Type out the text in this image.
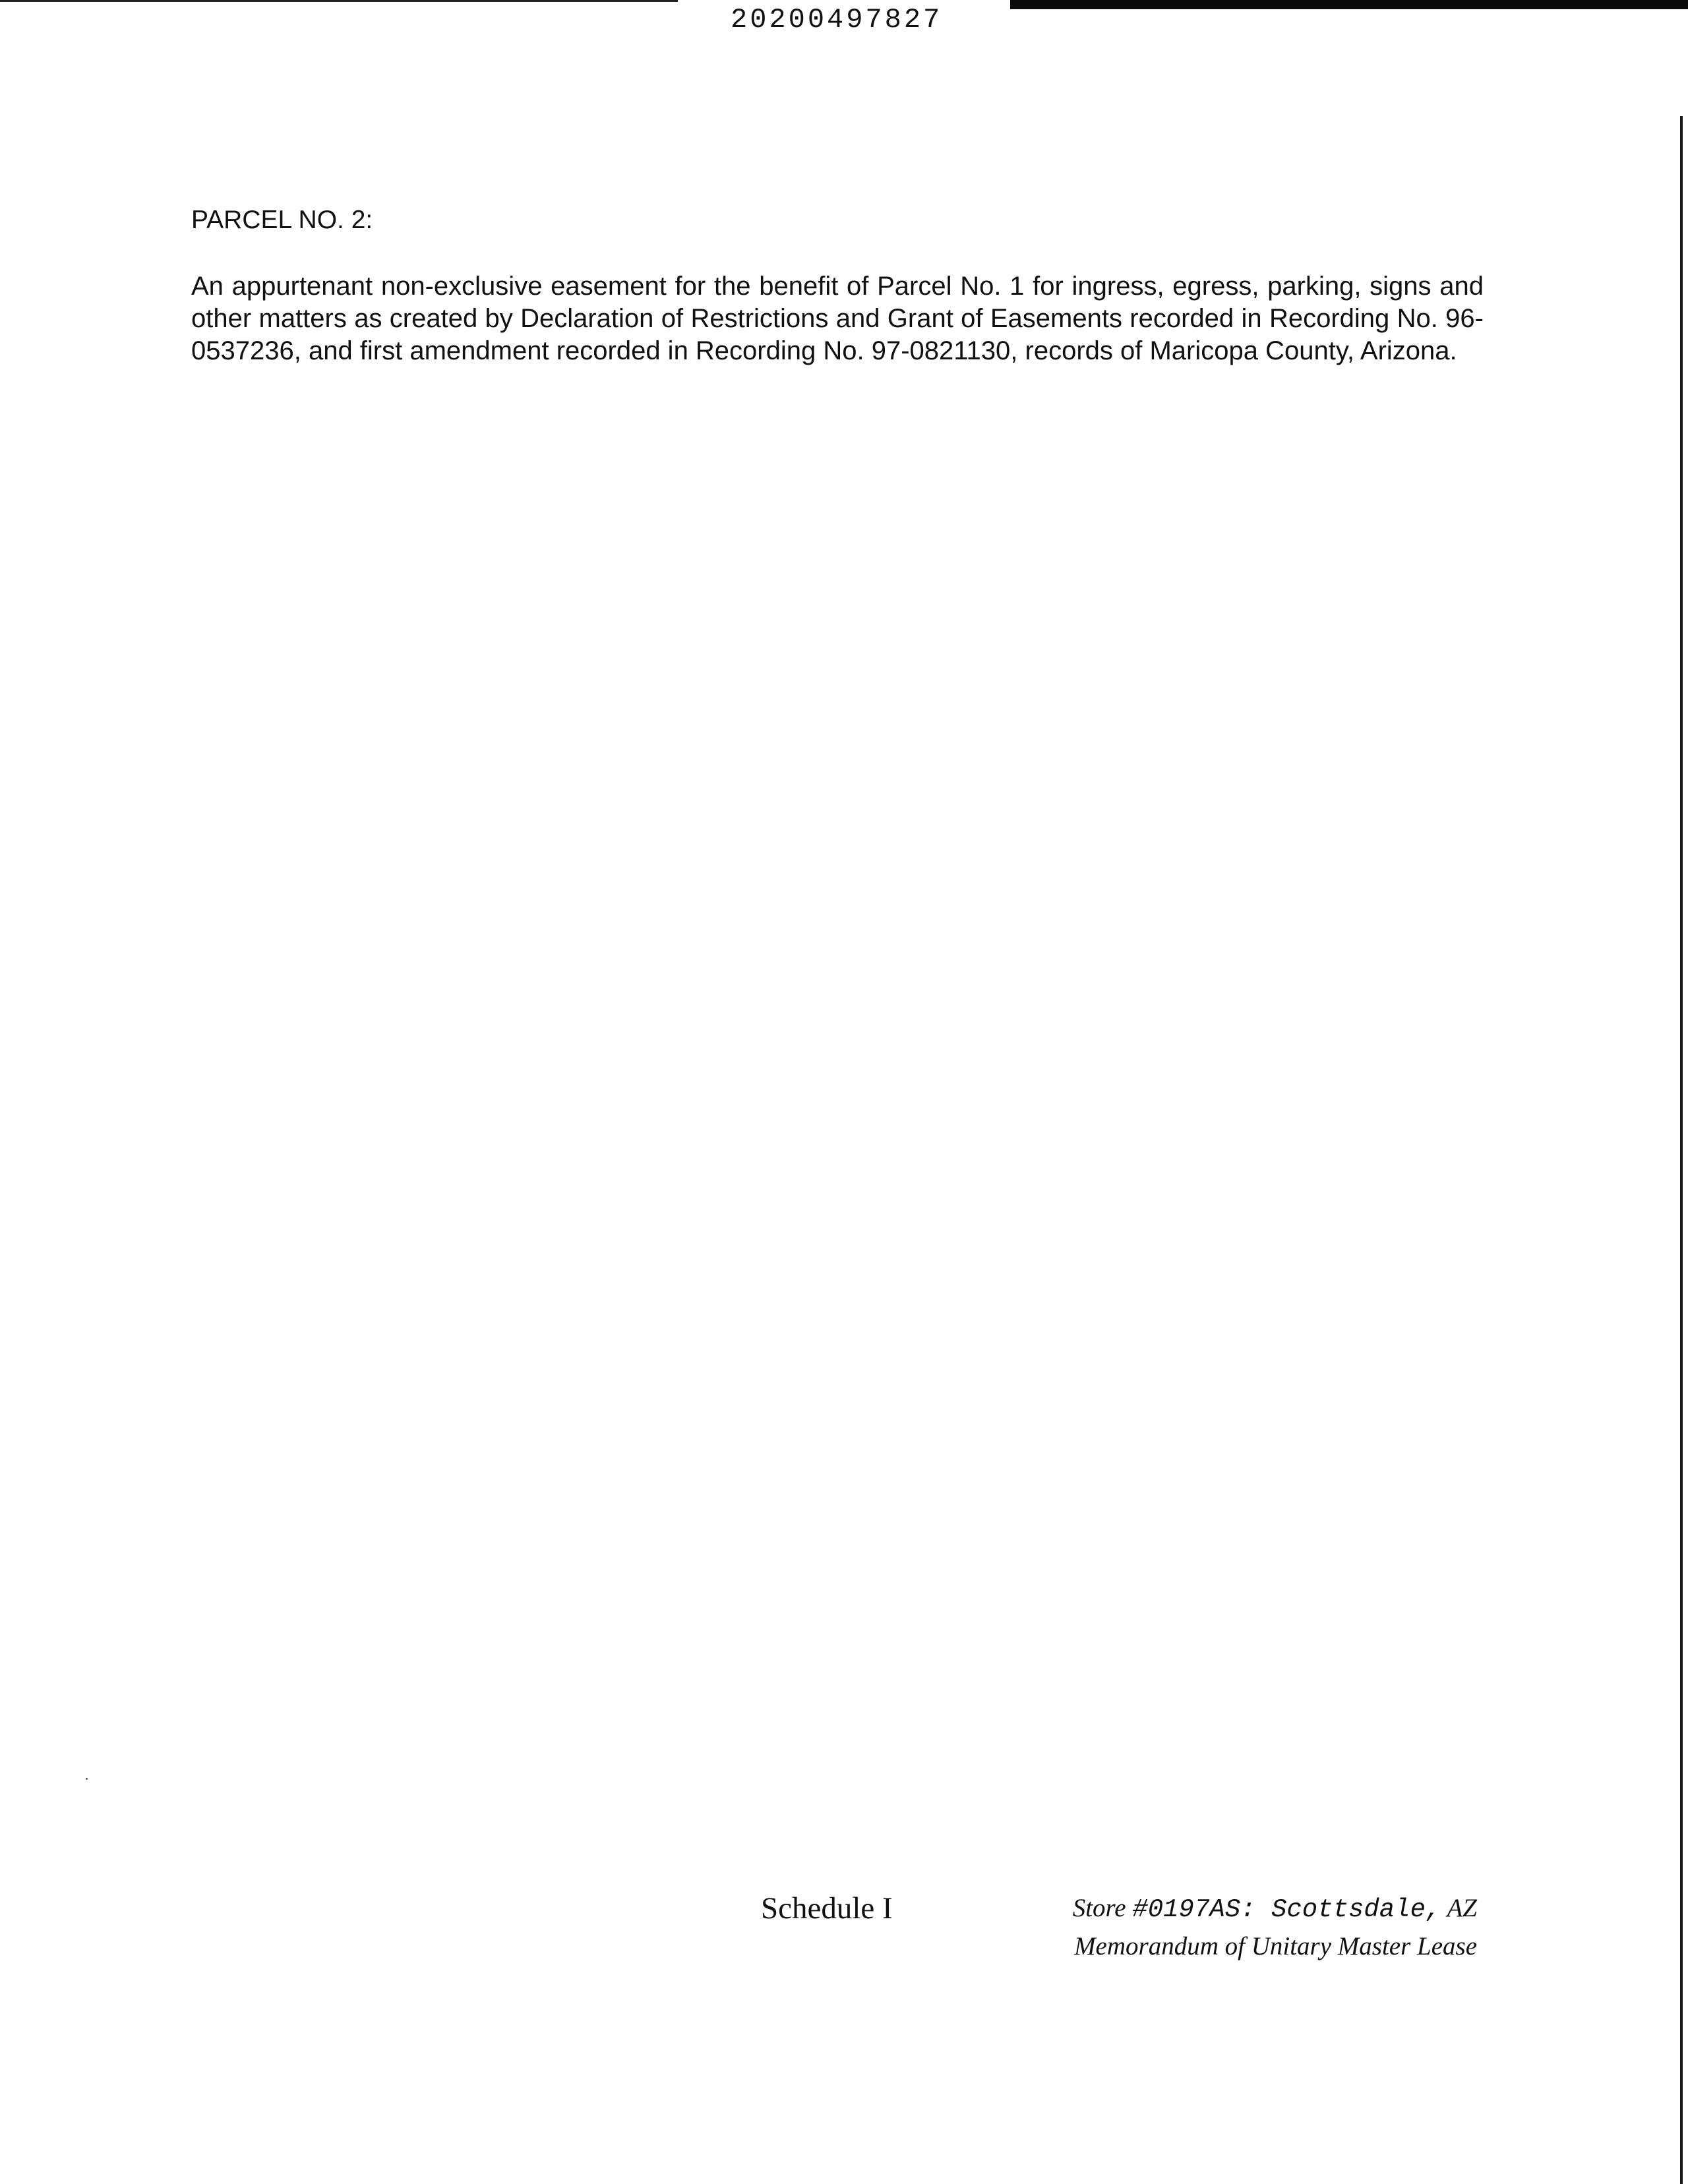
20200497827
PARCEL NO. 2:
An appurtenant non-exclusive easement for the benefit of Parcel No. 1 for ingress, egress, parking, signs and other matters as created by Declaration of Restrictions and Grant of Easements recorded in Recording No. 96- 0537236, and first amendment recorded in Recording No. 97-0821130, records of Maricopa County, Arizona.
Schedule I	Store #0197AS: Scottsdale, AZ
Memorandum of Unitary Master Lease
